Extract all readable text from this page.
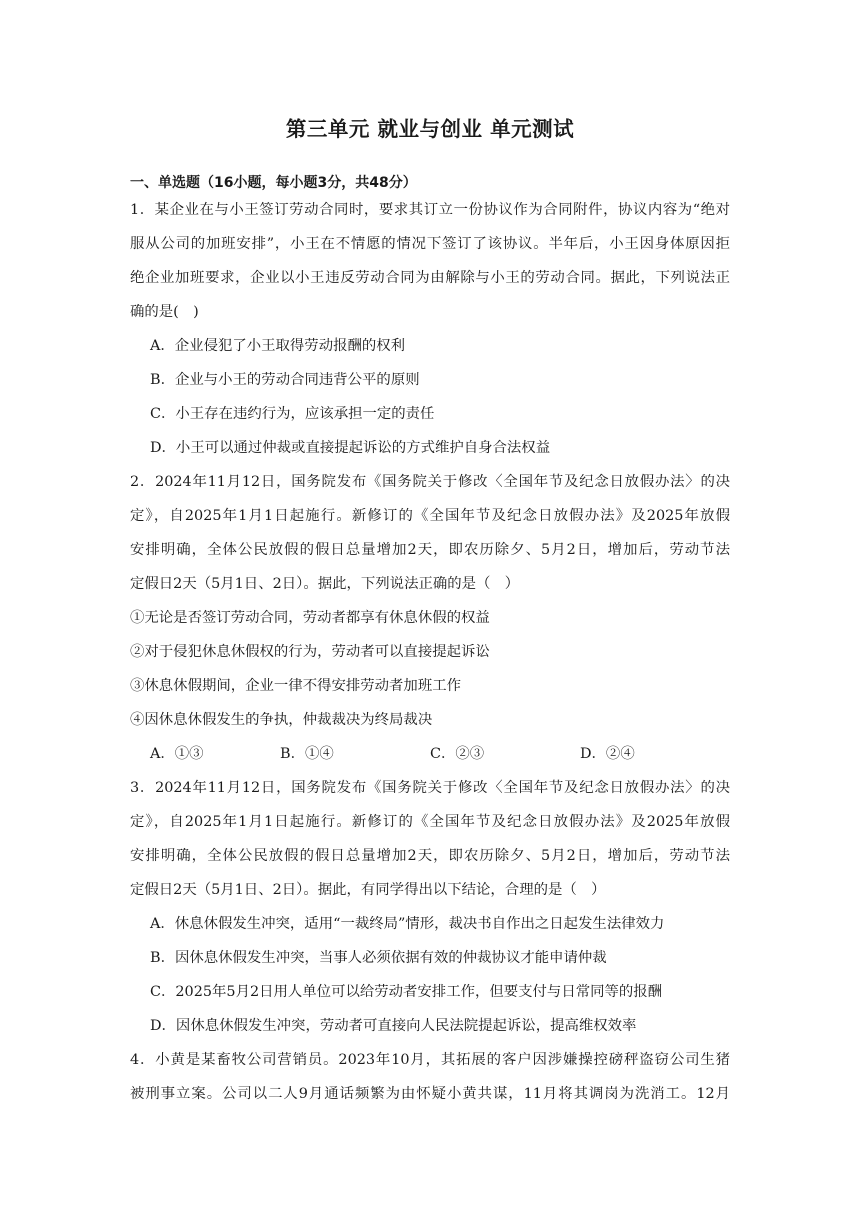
第三单元 就业与创业 单元测试
一、单选题（16小题，每小题3分，共48分）
1．某企业在与小王签订劳动合同时，要求其订立一份协议作为合同附件，协议内容为“绝对
服从公司的加班安排”，小王在不情愿的情况下签订了该协议。半年后，小王因身体原因拒
绝企业加班要求，企业以小王违反劳动合同为由解除与小王的劳动合同。据此，下列说法正
确的是(　)
A．企业侵犯了小王取得劳动报酬的权利
B．企业与小王的劳动合同违背公平的原则
C．小王存在违约行为，应该承担一定的责任
D．小王可以通过仲裁或直接提起诉讼的方式维护自身合法权益
2．2024年11月12日，国务院发布《国务院关于修改〈全国年节及纪念日放假办法〉的决
定》，自2025年1月1日起施行。新修订的《全国年节及纪念日放假办法》及2025年放假
安排明确，全体公民放假的假日总量增加2天，即农历除夕、5月2日，增加后，劳动节法
定假日2天（5月1日、2日）。据此，下列说法正确的是（　）
①无论是否签订劳动合同，劳动者都享有休息休假的权益
②对于侵犯休息休假权的行为，劳动者可以直接提起诉讼
③休息休假期间，企业一律不得安排劳动者加班工作
④因休息休假发生的争执，仲裁裁决为终局裁决
A．①③	B．①④	C．②③	D．②④
3．2024年11月12日，国务院发布《国务院关于修改〈全国年节及纪念日放假办法〉的决
定》，自2025年1月1日起施行。新修订的《全国年节及纪念日放假办法》及2025年放假
安排明确，全体公民放假的假日总量增加2天，即农历除夕、5月2日，增加后，劳动节法
定假日2天（5月1日、2日）。据此，有同学得出以下结论，合理的是（　）
A．休息休假发生冲突，适用“一裁终局”情形，裁决书自作出之日起发生法律效力
B．因休息休假发生冲突，当事人必须依据有效的仲裁协议才能申请仲裁
C．2025年5月2日用人单位可以给劳动者安排工作，但要支付与日常同等的报酬
D．因休息休假发生冲突，劳动者可直接向人民法院提起诉讼，提高维权效率
4．小黄是某畜牧公司营销员。2023年10月，其拓展的客户因涉嫌操控磅秤盗窃公司生猪
被刑事立案。公司以二人9月通话频繁为由怀疑小黄共谋，11月将其调岗为洗消工。12月
